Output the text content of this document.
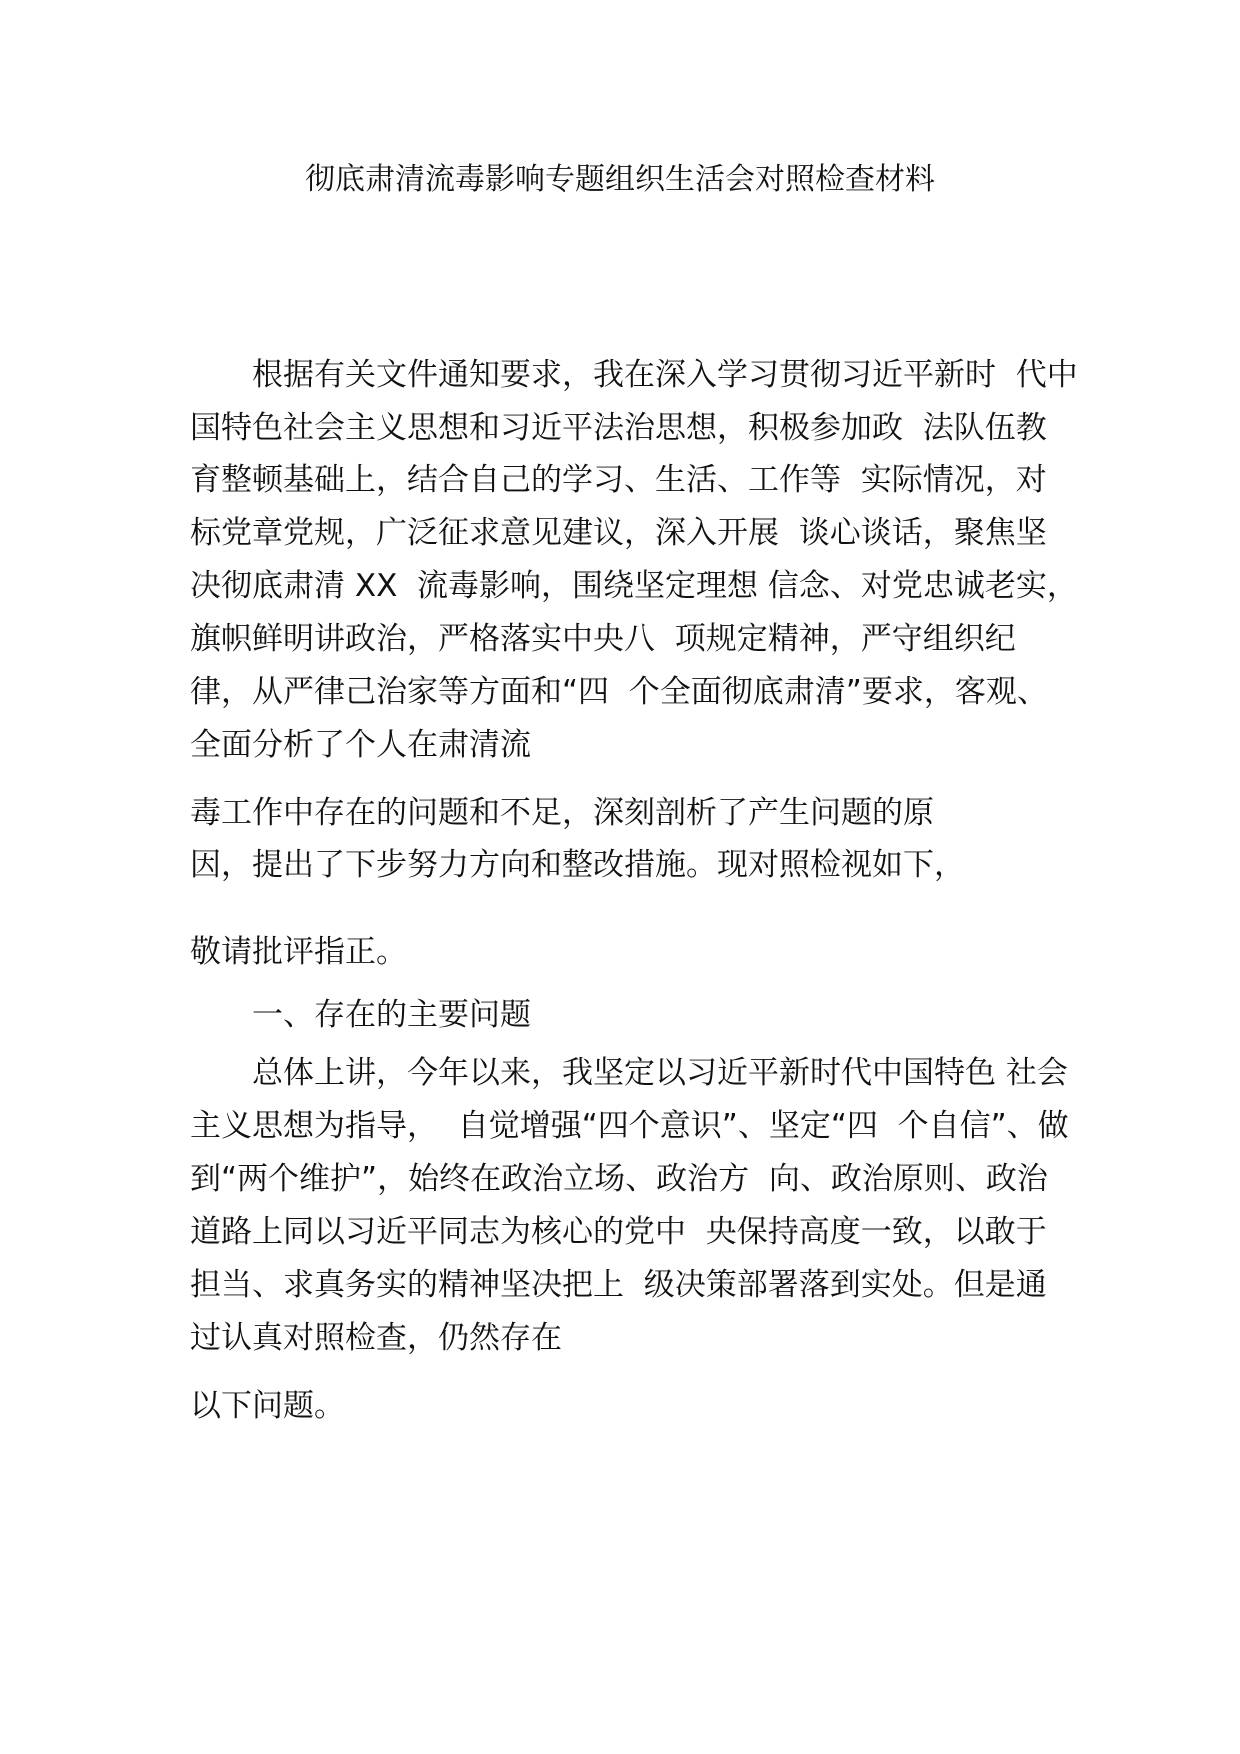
彻底肃清流毒影响专题组织生活会对照检查材料
　　根据有关文件通知要求，我在深入学习贯彻习近平新时  代中
国特色社会主义思想和习近平法治思想，积极参加政  法队伍教
育整顿基础上，结合自己的学习、生活、工作等  实际情况，对
标党章党规，广泛征求意见建议，深入开展  谈心谈话，聚焦坚
决彻底肃清 XX  流毒影响，围绕坚定理想 信念、对党忠诚老实，
旗帜鲜明讲政治，严格落实中央八  项规定精神，严守组织纪
律，从严律己治家等方面和“四  个全面彻底肃清”要求，客观、
全面分析了个人在肃清流
毒工作中存在的问题和不足，深刻剖析了产生问题的原
因，提出了下步努力方向和整改措施。现对照检视如下，
敬请批评指正。
　　一、存在的主要问题
　　总体上讲，今年以来，我坚定以习近平新时代中国特色 社会
主义思想为指导，  自觉增强“四个意识”、坚定“四  个自信”、做
到“两个维护”，始终在政治立场、政治方  向、政治原则、政治
道路上同以习近平同志为核心的党中  央保持高度一致，以敢于
担当、求真务实的精神坚决把上  级决策部署落到实处。但是通
过认真对照检查，仍然存在
以下问题。
